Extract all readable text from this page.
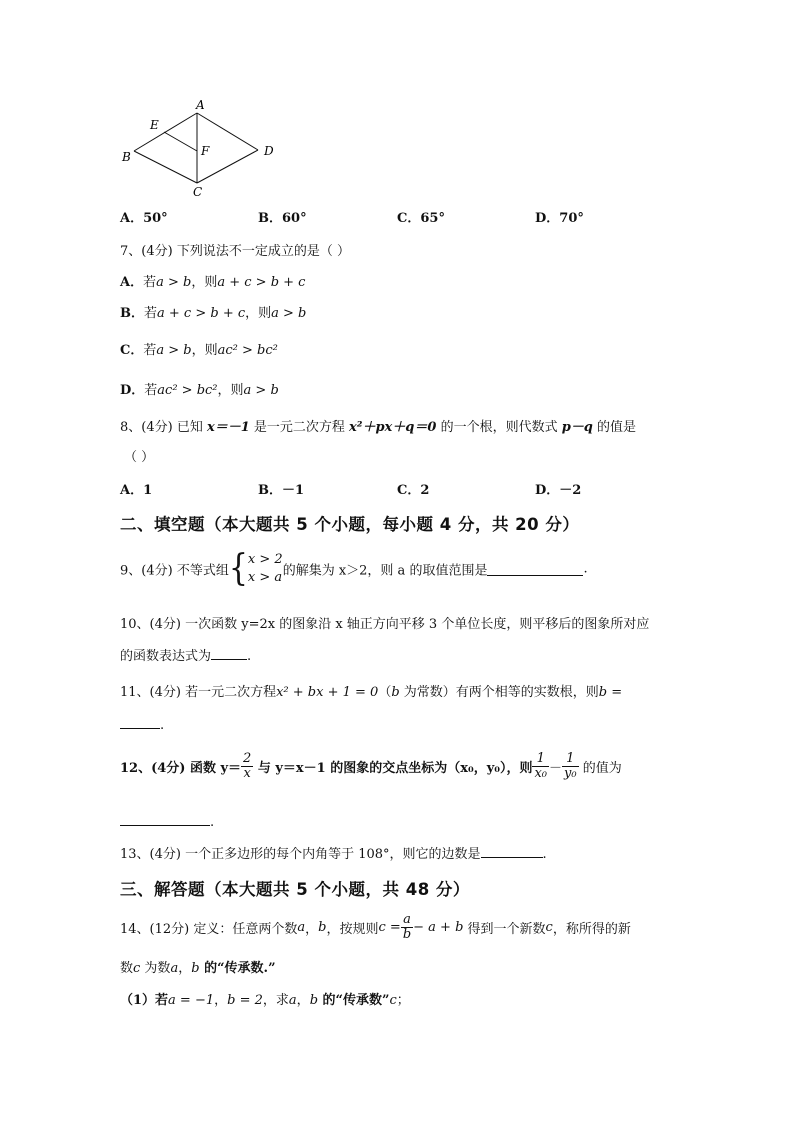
A
E
B	F	D
C
A．50°	B．60°	C．65°	D．70°
7、(4分) 下列说法不一定成立的是（ ）
A．若a > b，则a + c > b + c
B．若a + c > b + c，则a > b
C．若a > b，则ac² > bc²
D．若ac² > bc²，则a > b
8、(4分) 已知 x＝－1 是一元二次方程 x²＋px＋q＝0 的一个根，则代数式 p－q 的值是
（ ）
A．1	B．－1	C．2	D．－2
二、填空题（本大题共 5 个小题，每小题 4 分，共 20 分）
9、(4分) 不等式组{ x > 2
x > a 的解集为 x＞2，则 a 的取值范围是	.
10、(4分) 一次函数 y=2x 的图象沿 x 轴正方向平移 3 个单位长度，则平移后的图象所对应
的函数表达式为	.
11、(4分) 若一元二次方程x² + bx + 1 = 0（b 为常数）有两个相等的实数根，则b =
.
12、(4分) 函数 $y= \frac{2}{x}$ 与 y＝x－1 的图象的交点坐标为（x₀，y₀），则 $\frac{1}{\text{x₀}} - \frac{1}{\text{y₀}}$ 的值为
.
13、(4分) 一个正多边形的每个内角等于 108°，则它的边数是	.
三、解答题（本大题共 5 个小题，共 48 分）
14、(12分) 定义：任意两个数a，b，按规则$c = \frac{a}{b} - a + b$ 得到一个新数c，称所得的新
数c 为数a，b 的“传承数.”
（1）若a = −1，b = 2，求a，b 的“传承数”c；
